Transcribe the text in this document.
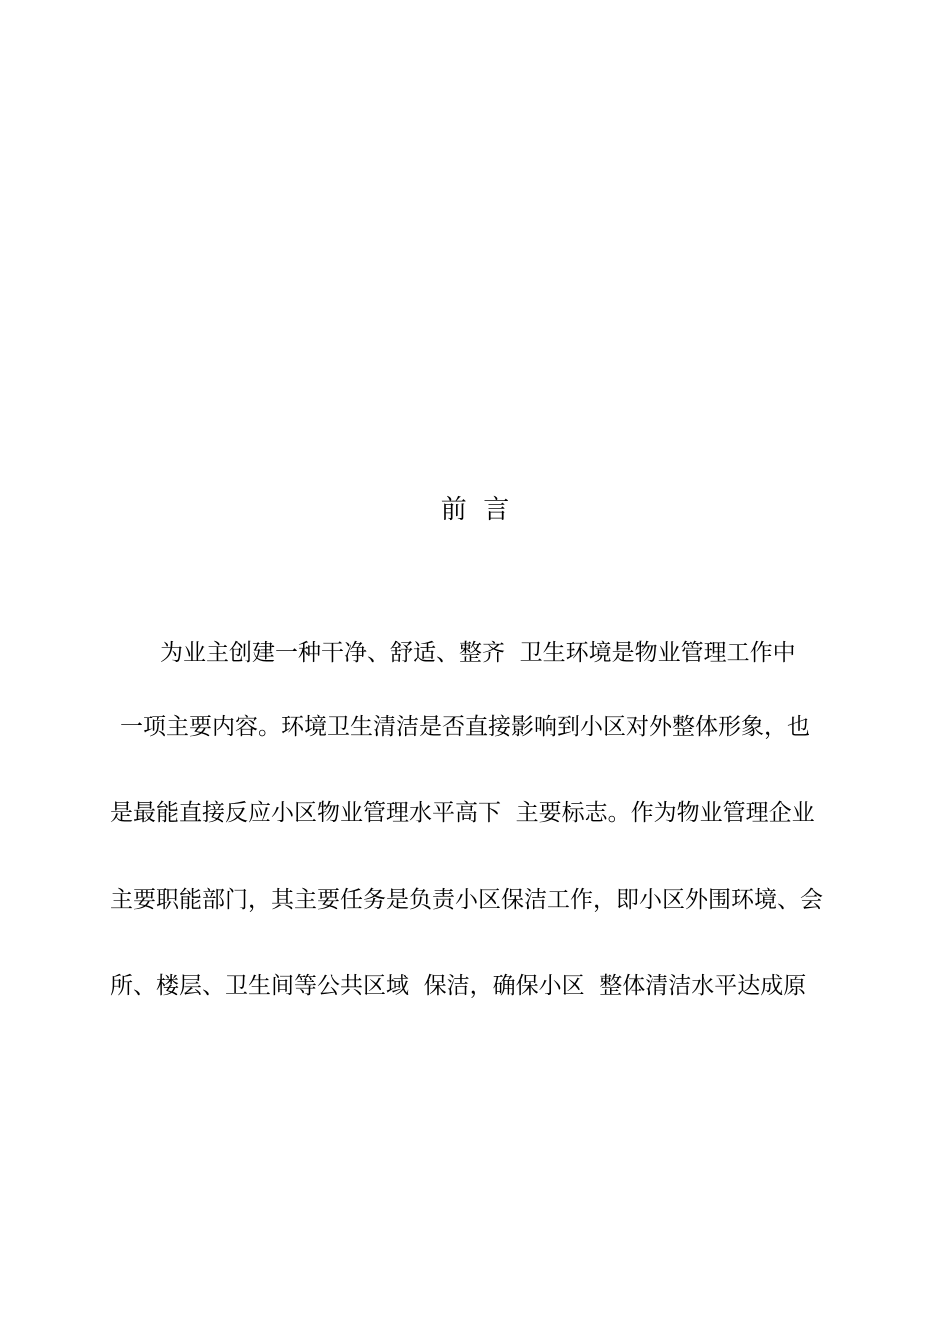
前  言
为业主创建一种干净、舒适、整齐  卫生环境是物业管理工作中
一项主要内容。环境卫生清洁是否直接影响到小区对外整体形象，也
是最能直接反应小区物业管理水平高下  主要标志。作为物业管理企业
主要职能部门，其主要任务是负责小区保洁工作，即小区外围环境、会
所、楼层、卫生间等公共区域  保洁，确保小区  整体清洁水平达成原
